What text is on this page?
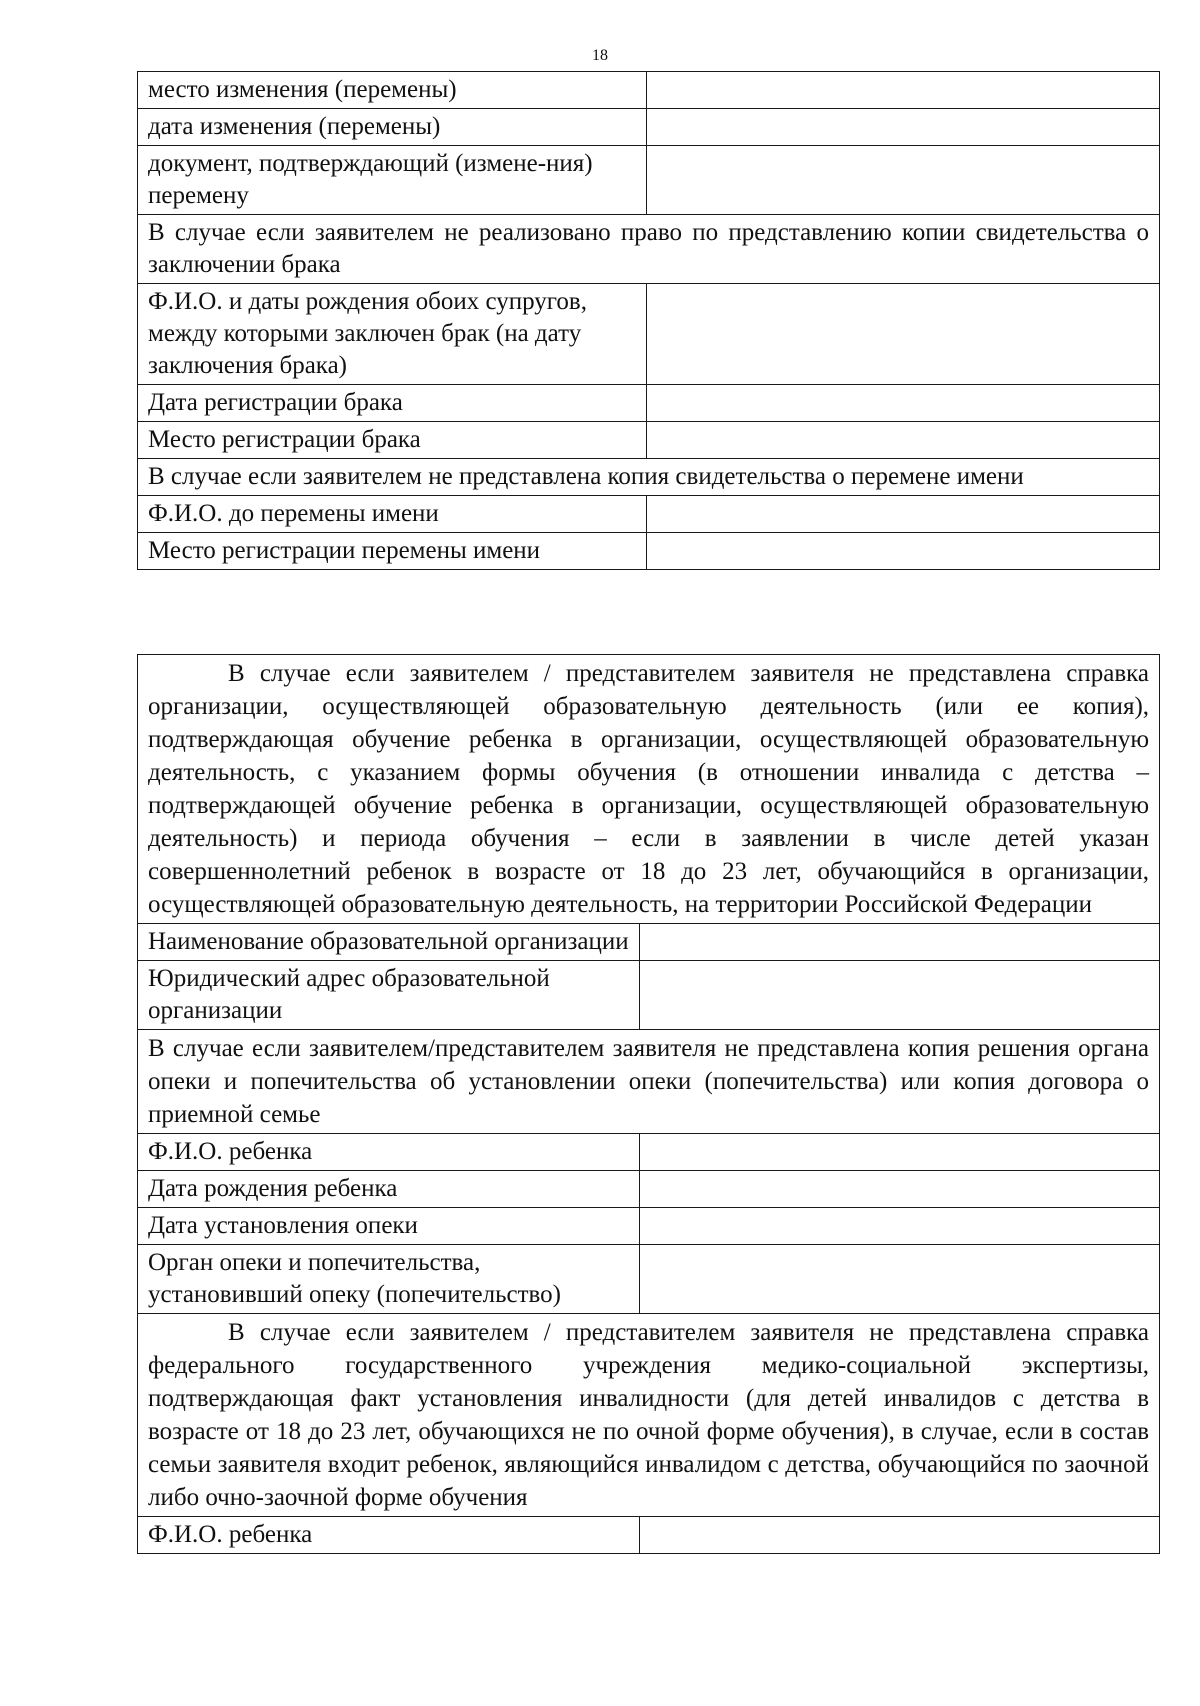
18
место изменения (перемены)	
дата изменения (перемены)	
документ, подтверждающий (измене-ния) перемену	
В случае если заявителем не реализовано право по представлению копии свидетельства о заключении брака	
Ф.И.О. и даты рождения обоих супругов, между которыми заключен брак (на дату заключения брака)	
Дата регистрации брака	
Место регистрации брака	
В случае если заявителем не представлена копия свидетельства о перемене имени	
Ф.И.О. до перемены имени	
Место регистрации перемены имени	
В случае если заявителем / представителем заявителя не представлена справка организации, осуществляющей образовательную деятельность (или ее копия), подтверждающая обучение ребенка в организации, осуществляющей образовательную деятельность, с указанием формы обучения (в отношении инвалида с детства – подтверждающей обучение ребенка в организации, осуществляющей образовательную деятельность) и периода обучения – если в заявлении в числе детей указан совершеннолетний ребенок в возрасте от 18 до 23 лет, обучающийся в организации, осуществляющей образовательную деятельность, на территории Российской Федерации	
Наименование образовательной организации	
Юридический адрес образовательной организации	
В случае если заявителем/представителем заявителя не представлена копия решения органа опеки и попечительства об установлении опеки (попечительства) или копия договора о приемной семье	
Ф.И.О. ребенка	
Дата рождения ребенка	
Дата установления опеки	
Орган опеки и попечительства, установивший опеку (попечительство)	
В случае если заявителем / представителем заявителя не представлена справка федерального государственного учреждения медико-социальной экспертизы, подтверждающая факт установления инвалидности (для детей инвалидов с детства в возрасте от 18 до 23 лет, обучающихся не по очной форме обучения), в случае, если в состав семьи заявителя входит ребенок, являющийся инвалидом с детства, обучающийся по заочной либо очно-заочной форме обучения	
Ф.И.О. ребенка	
